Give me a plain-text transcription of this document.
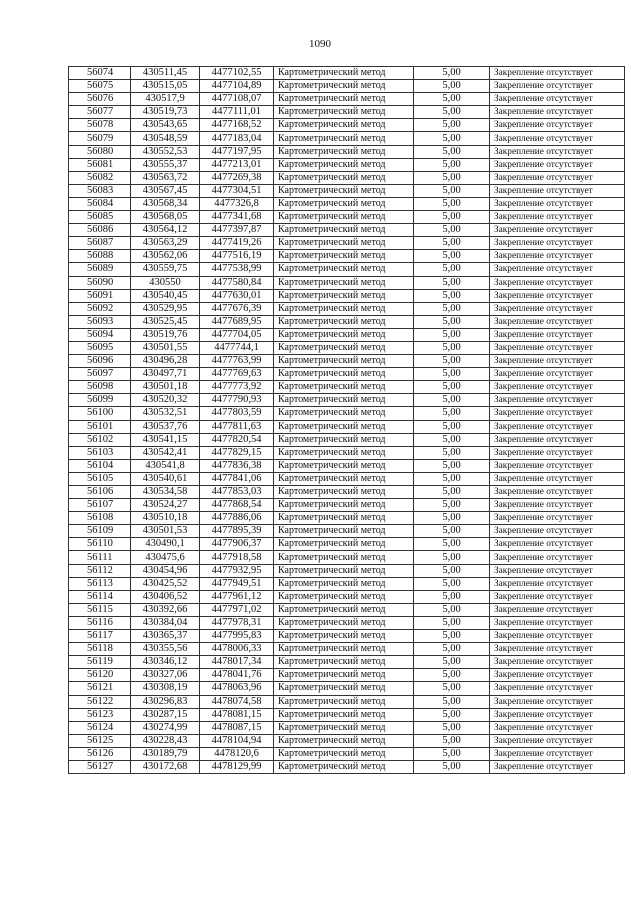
1090
56074	430511,45	4477102,55	Картометрический метод	5,00	Закрепление отсутствует
56075	430515,05	4477104,89	Картометрический метод	5,00	Закрепление отсутствует
56076	430517,9	4477108,07	Картометрический метод	5,00	Закрепление отсутствует
56077	430519,73	4477111,01	Картометрический метод	5,00	Закрепление отсутствует
56078	430543,65	4477168,52	Картометрический метод	5,00	Закрепление отсутствует
56079	430548,59	4477183,04	Картометрический метод	5,00	Закрепление отсутствует
56080	430552,53	4477197,95	Картометрический метод	5,00	Закрепление отсутствует
56081	430555,37	4477213,01	Картометрический метод	5,00	Закрепление отсутствует
56082	430563,72	4477269,38	Картометрический метод	5,00	Закрепление отсутствует
56083	430567,45	4477304,51	Картометрический метод	5,00	Закрепление отсутствует
56084	430568,34	4477326,8	Картометрический метод	5,00	Закрепление отсутствует
56085	430568,05	4477341,68	Картометрический метод	5,00	Закрепление отсутствует
56086	430564,12	4477397,87	Картометрический метод	5,00	Закрепление отсутствует
56087	430563,29	4477419,26	Картометрический метод	5,00	Закрепление отсутствует
56088	430562,06	4477516,19	Картометрический метод	5,00	Закрепление отсутствует
56089	430559,75	4477538,99	Картометрический метод	5,00	Закрепление отсутствует
56090	430550	4477580,84	Картометрический метод	5,00	Закрепление отсутствует
56091	430540,45	4477630,01	Картометрический метод	5,00	Закрепление отсутствует
56092	430529,95	4477676,39	Картометрический метод	5,00	Закрепление отсутствует
56093	430525,45	4477689,95	Картометрический метод	5,00	Закрепление отсутствует
56094	430519,76	4477704,05	Картометрический метод	5,00	Закрепление отсутствует
56095	430501,55	4477744,1	Картометрический метод	5,00	Закрепление отсутствует
56096	430496,28	4477763,99	Картометрический метод	5,00	Закрепление отсутствует
56097	430497,71	4477769,63	Картометрический метод	5,00	Закрепление отсутствует
56098	430501,18	4477773,92	Картометрический метод	5,00	Закрепление отсутствует
56099	430520,32	4477790,93	Картометрический метод	5,00	Закрепление отсутствует
56100	430532,51	4477803,59	Картометрический метод	5,00	Закрепление отсутствует
56101	430537,76	4477811,63	Картометрический метод	5,00	Закрепление отсутствует
56102	430541,15	4477820,54	Картометрический метод	5,00	Закрепление отсутствует
56103	430542,41	4477829,15	Картометрический метод	5,00	Закрепление отсутствует
56104	430541,8	4477836,38	Картометрический метод	5,00	Закрепление отсутствует
56105	430540,61	4477841,06	Картометрический метод	5,00	Закрепление отсутствует
56106	430534,58	4477853,03	Картометрический метод	5,00	Закрепление отсутствует
56107	430524,27	4477868,54	Картометрический метод	5,00	Закрепление отсутствует
56108	430510,18	4477886,06	Картометрический метод	5,00	Закрепление отсутствует
56109	430501,53	4477895,39	Картометрический метод	5,00	Закрепление отсутствует
56110	430490,1	4477906,37	Картометрический метод	5,00	Закрепление отсутствует
56111	430475,6	4477918,58	Картометрический метод	5,00	Закрепление отсутствует
56112	430454,96	4477932,95	Картометрический метод	5,00	Закрепление отсутствует
56113	430425,52	4477949,51	Картометрический метод	5,00	Закрепление отсутствует
56114	430406,52	4477961,12	Картометрический метод	5,00	Закрепление отсутствует
56115	430392,66	4477971,02	Картометрический метод	5,00	Закрепление отсутствует
56116	430384,04	4477978,31	Картометрический метод	5,00	Закрепление отсутствует
56117	430365,37	4477995,83	Картометрический метод	5,00	Закрепление отсутствует
56118	430355,56	4478006,33	Картометрический метод	5,00	Закрепление отсутствует
56119	430346,12	4478017,34	Картометрический метод	5,00	Закрепление отсутствует
56120	430327,06	4478041,76	Картометрический метод	5,00	Закрепление отсутствует
56121	430308,19	4478063,96	Картометрический метод	5,00	Закрепление отсутствует
56122	430296,83	4478074,58	Картометрический метод	5,00	Закрепление отсутствует
56123	430287,15	4478081,15	Картометрический метод	5,00	Закрепление отсутствует
56124	430274,99	4478087,15	Картометрический метод	5,00	Закрепление отсутствует
56125	430228,43	4478104,94	Картометрический метод	5,00	Закрепление отсутствует
56126	430189,79	4478120,6	Картометрический метод	5,00	Закрепление отсутствует
56127	430172,68	4478129,99	Картометрический метод	5,00	Закрепление отсутствует
